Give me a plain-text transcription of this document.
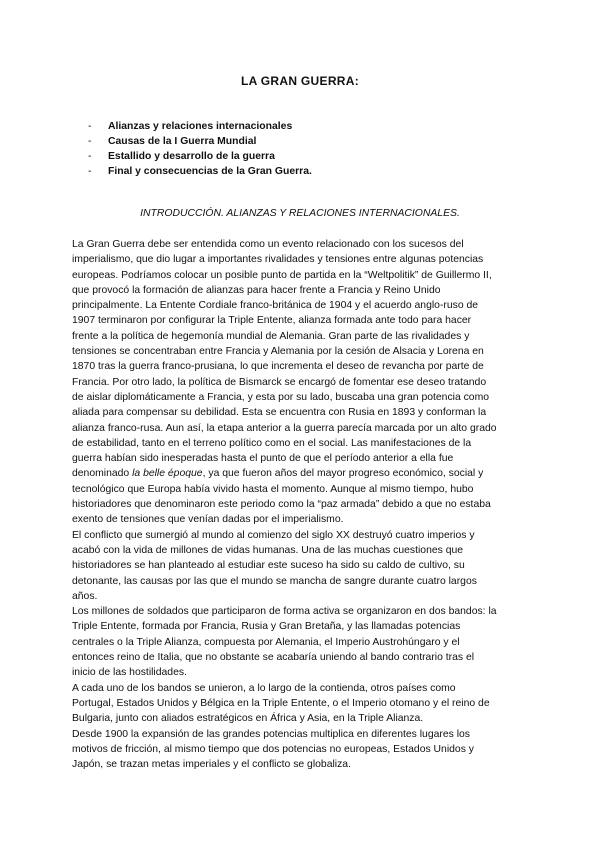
LA GRAN GUERRA:
- Alianzas y relaciones internacionales
- Causas de la I Guerra Mundial
- Estallido y desarrollo de la guerra
- Final y consecuencias de la Gran Guerra.
INTRODUCCIÓN. ALIANZAS Y RELACIONES INTERNACIONALES.
La Gran Guerra debe ser entendida como un evento relacionado con los sucesos del
imperialismo, que dio lugar a importantes rivalidades y tensiones entre algunas potencias
europeas. Podríamos colocar un posible punto de partida en la “Weltpolitik” de Guillermo II,
que provocó la formación de alianzas para hacer frente a Francia y Reino Unido
principalmente. La Entente Cordiale franco-británica de 1904 y el acuerdo anglo-ruso de
1907 terminaron por configurar la Triple Entente, alianza formada ante todo para hacer
frente a la política de hegemonía mundial de Alemania. Gran parte de las rivalidades y
tensiones se concentraban entre Francia y Alemania por la cesión de Alsacia y Lorena en
1870 tras la guerra franco-prusiana, lo que incrementa el deseo de revancha por parte de
Francia. Por otro lado, la política de Bismarck se encargó de fomentar ese deseo tratando
de aislar diplomáticamente a Francia, y esta por su lado, buscaba una gran potencia como
aliada para compensar su debilidad. Esta se encuentra con Rusia en 1893 y conforman la
alianza franco-rusa. Aun así, la etapa anterior a la guerra parecía marcada por un alto grado
de estabilidad, tanto en el terreno político como en el social. Las manifestaciones de la
guerra habían sido inesperadas hasta el punto de que el período anterior a ella fue
denominado la belle époque, ya que fueron años del mayor progreso económico, social y
tecnológico que Europa había vivido hasta el momento. Aunque al mismo tiempo, hubo
historiadores que denominaron este periodo como la “paz armada” debido a que no estaba
exento de tensiones que venían dadas por el imperialismo.
El conflicto que sumergió al mundo al comienzo del siglo XX destruyó cuatro imperios y
acabó con la vida de millones de vidas humanas. Una de las muchas cuestiones que
historiadores se han planteado al estudiar este suceso ha sido su caldo de cultivo, su
detonante, las causas por las que el mundo se mancha de sangre durante cuatro largos
años.
Los millones de soldados que participaron de forma activa se organizaron en dos bandos: la
Triple Entente, formada por Francia, Rusia y Gran Bretaña, y las llamadas potencias
centrales o la Triple Alianza, compuesta por Alemania, el Imperio Austrohúngaro y el
entonces reino de Italia, que no obstante se acabaría uniendo al bando contrario tras el
inicio de las hostilidades.
A cada uno de los bandos se unieron, a lo largo de la contienda, otros países como
Portugal, Estados Unidos y Bélgica en la Triple Entente, o el Imperio otomano y el reino de
Bulgaria, junto con aliados estratégicos en África y Asia, en la Triple Alianza.
Desde 1900 la expansión de las grandes potencias multiplica en diferentes lugares los
motivos de fricción, al mismo tiempo que dos potencias no europeas, Estados Unidos y
Japón, se trazan metas imperiales y el conflicto se globaliza.
